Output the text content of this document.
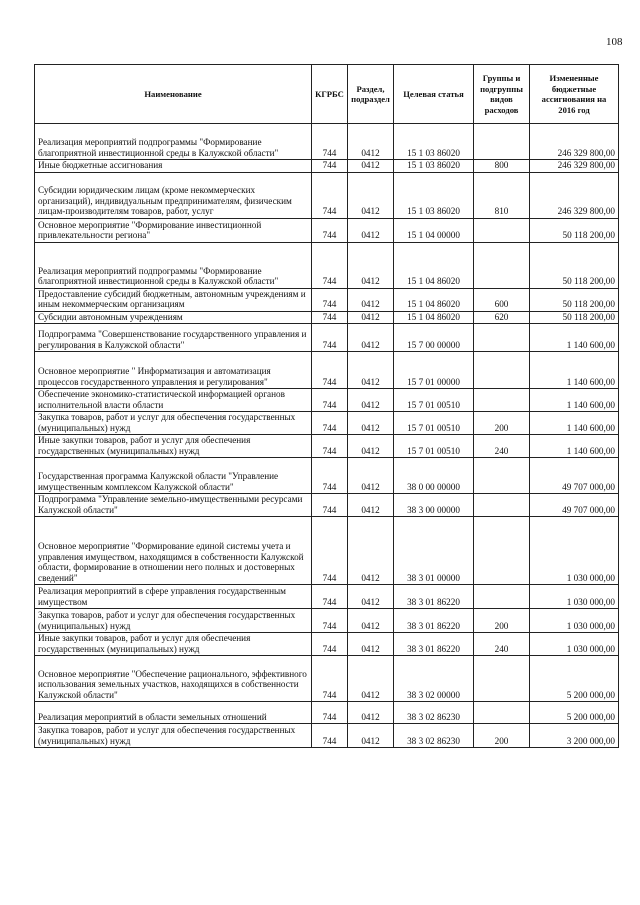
108
Наименование	КГРБС	Раздел, подраздел	Целевая статья	Группы и подгруппы видов расходов	Измененные бюджетные ассигнования на 2016 год
Реализация мероприятий подпрограммы "Формирование благоприятной инвестиционной среды в Калужской области"	744	0412	15 1 03 86020		246 329 800,00
Иные бюджетные ассигнования	744	0412	15 1 03 86020	800	246 329 800,00
Субсидии юридическим лицам (кроме некоммерческих организаций), индивидуальным предпринимателям, физическим лицам-производителям товаров, работ, услуг	744	0412	15 1 03 86020	810	246 329 800,00
Основное мероприятие "Формирование инвестиционной привлекательности региона"	744	0412	15 1 04 00000		50 118 200,00
Реализация мероприятий подпрограммы "Формирование благоприятной инвестиционной среды в Калужской области"	744	0412	15 1 04 86020		50 118 200,00
Предоставление субсидий бюджетным, автономным учреждениям и иным некоммерческим организациям	744	0412	15 1 04 86020	600	50 118 200,00
Субсидии автономным учреждениям	744	0412	15 1 04 86020	620	50 118 200,00
Подпрограмма "Совершенствование государственного управления и регулирования в Калужской области"	744	0412	15 7 00 00000		1 140 600,00
Основное мероприятие " Информатизация и автоматизация процессов государственного управления и регулирования"	744	0412	15 7 01 00000		1 140 600,00
Обеспечение экономико-статистической информацией органов исполнительной власти области	744	0412	15 7 01 00510		1 140 600,00
Закупка товаров, работ и услуг для обеспечения государственных (муниципальных) нужд	744	0412	15 7 01 00510	200	1 140 600,00
Иные закупки товаров, работ и услуг для обеспечения государственных (муниципальных) нужд	744	0412	15 7 01 00510	240	1 140 600,00
Государственная программа Калужской области "Управление имущественным комплексом Калужской области"	744	0412	38 0 00 00000		49 707 000,00
Подпрограмма "Управление земельно-имущественными ресурсами Калужской области"	744	0412	38 3 00 00000		49 707 000,00
Основное мероприятие "Формирование единой системы учета и управления имуществом, находящимся в собственности Калужской области, формирование в отношении него полных и достоверных сведений"	744	0412	38 3 01 00000		1 030 000,00
Реализация мероприятий в сфере управления государственным имуществом	744	0412	38 3 01 86220		1 030 000,00
Закупка товаров, работ и услуг для обеспечения государственных (муниципальных) нужд	744	0412	38 3 01 86220	200	1 030 000,00
Иные закупки товаров, работ и услуг для обеспечения государственных (муниципальных) нужд	744	0412	38 3 01 86220	240	1 030 000,00
Основное мероприятие "Обеспечение рационального, эффективного использования земельных участков, находящихся в собственности Калужской области"	744	0412	38 3 02 00000		5 200 000,00
Реализация мероприятий в области земельных отношений	744	0412	38 3 02 86230		5 200 000,00
Закупка товаров, работ и услуг для обеспечения государственных (муниципальных) нужд	744	0412	38 3 02 86230	200	3 200 000,00
